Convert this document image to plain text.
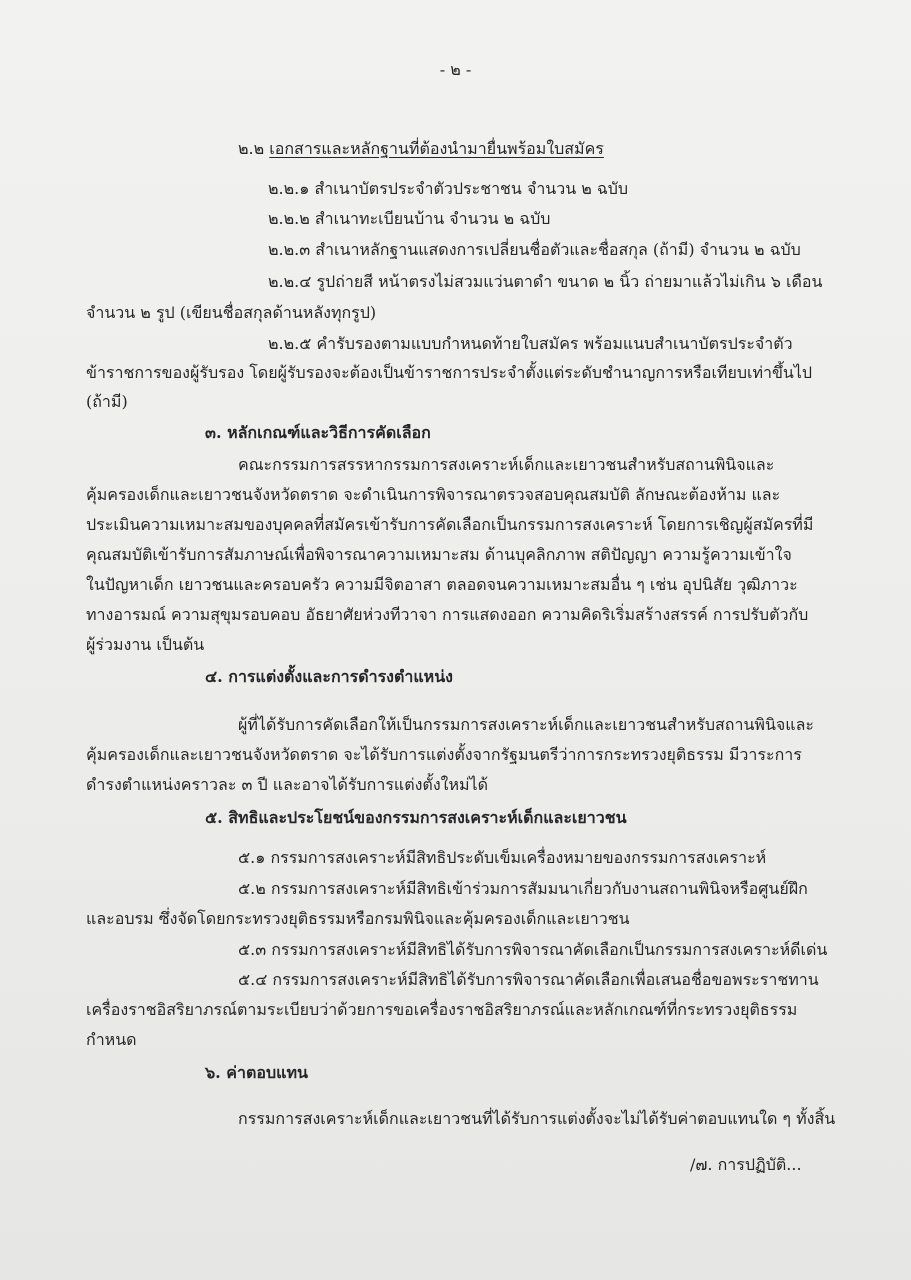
- ๒ -
๒.๒ เอกสารและหลักฐานที่ต้องนำมายื่นพร้อมใบสมัคร
๒.๒.๑ สำเนาบัตรประจำตัวประชาชน จำนวน ๒ ฉบับ
๒.๒.๒ สำเนาทะเบียนบ้าน จำนวน ๒ ฉบับ
๒.๒.๓ สำเนาหลักฐานแสดงการเปลี่ยนชื่อตัวและชื่อสกุล (ถ้ามี) จำนวน ๒ ฉบับ
๒.๒.๔ รูปถ่ายสี หน้าตรงไม่สวมแว่นตาดำ ขนาด ๒ นิ้ว ถ่ายมาแล้วไม่เกิน ๖ เดือน
จำนวน ๒ รูป (เขียนชื่อสกุลด้านหลังทุกรูป)
๒.๒.๕ คำรับรองตามแบบกำหนดท้ายใบสมัคร พร้อมแนบสำเนาบัตรประจำตัว
ข้าราชการของผู้รับรอง โดยผู้รับรองจะต้องเป็นข้าราชการประจำตั้งแต่ระดับชำนาญการหรือเทียบเท่าขึ้นไป
(ถ้ามี)
๓. หลักเกณฑ์และวิธีการคัดเลือก
คณะกรรมการสรรหากรรมการสงเคราะห์เด็กและเยาวชนสำหรับสถานพินิจและ
คุ้มครองเด็กและเยาวชนจังหวัดตราด จะดำเนินการพิจารณาตรวจสอบคุณสมบัติ ลักษณะต้องห้าม และ
ประเมินความเหมาะสมของบุคคลที่สมัครเข้ารับการคัดเลือกเป็นกรรมการสงเคราะห์ โดยการเชิญผู้สมัครที่มี
คุณสมบัติเข้ารับการสัมภาษณ์เพื่อพิจารณาความเหมาะสม ด้านบุคลิกภาพ สติปัญญา ความรู้ความเข้าใจ
ในปัญหาเด็ก เยาวชนและครอบครัว ความมีจิตอาสา ตลอดจนความเหมาะสมอื่น ๆ เช่น อุปนิสัย วุฒิภาวะ
ทางอารมณ์ ความสุขุมรอบคอบ อัธยาศัยห่วงทีวาจา การแสดงออก ความคิดริเริ่มสร้างสรรค์ การปรับตัวกับ
ผู้ร่วมงาน เป็นต้น
๔. การแต่งตั้งและการดำรงตำแหน่ง
ผู้ที่ได้รับการคัดเลือกให้เป็นกรรมการสงเคราะห์เด็กและเยาวชนสำหรับสถานพินิจและ
คุ้มครองเด็กและเยาวชนจังหวัดตราด จะได้รับการแต่งตั้งจากรัฐมนตรีว่าการกระทรวงยุติธรรม มีวาระการ
ดำรงตำแหน่งคราวละ ๓ ปี และอาจได้รับการแต่งตั้งใหม่ได้
๕. สิทธิและประโยชน์ของกรรมการสงเคราะห์เด็กและเยาวชน
๕.๑ กรรมการสงเคราะห์มีสิทธิประดับเข็มเครื่องหมายของกรรมการสงเคราะห์
๕.๒ กรรมการสงเคราะห์มีสิทธิเข้าร่วมการสัมมนาเกี่ยวกับงานสถานพินิจหรือศูนย์ฝึก
และอบรม ซึ่งจัดโดยกระทรวงยุติธรรมหรือกรมพินิจและคุ้มครองเด็กและเยาวชน
๕.๓ กรรมการสงเคราะห์มีสิทธิได้รับการพิจารณาคัดเลือกเป็นกรรมการสงเคราะห์ดีเด่น
๕.๔ กรรมการสงเคราะห์มีสิทธิได้รับการพิจารณาคัดเลือกเพื่อเสนอชื่อขอพระราชทาน
เครื่องราชอิสริยาภรณ์ตามระเบียบว่าด้วยการขอเครื่องราชอิสริยาภรณ์และหลักเกณฑ์ที่กระทรวงยุติธรรม
กำหนด
๖. ค่าตอบแทน
กรรมการสงเคราะห์เด็กและเยาวชนที่ได้รับการแต่งตั้งจะไม่ได้รับค่าตอบแทนใด ๆ ทั้งสิ้น
/๗. การปฏิบัติ...
